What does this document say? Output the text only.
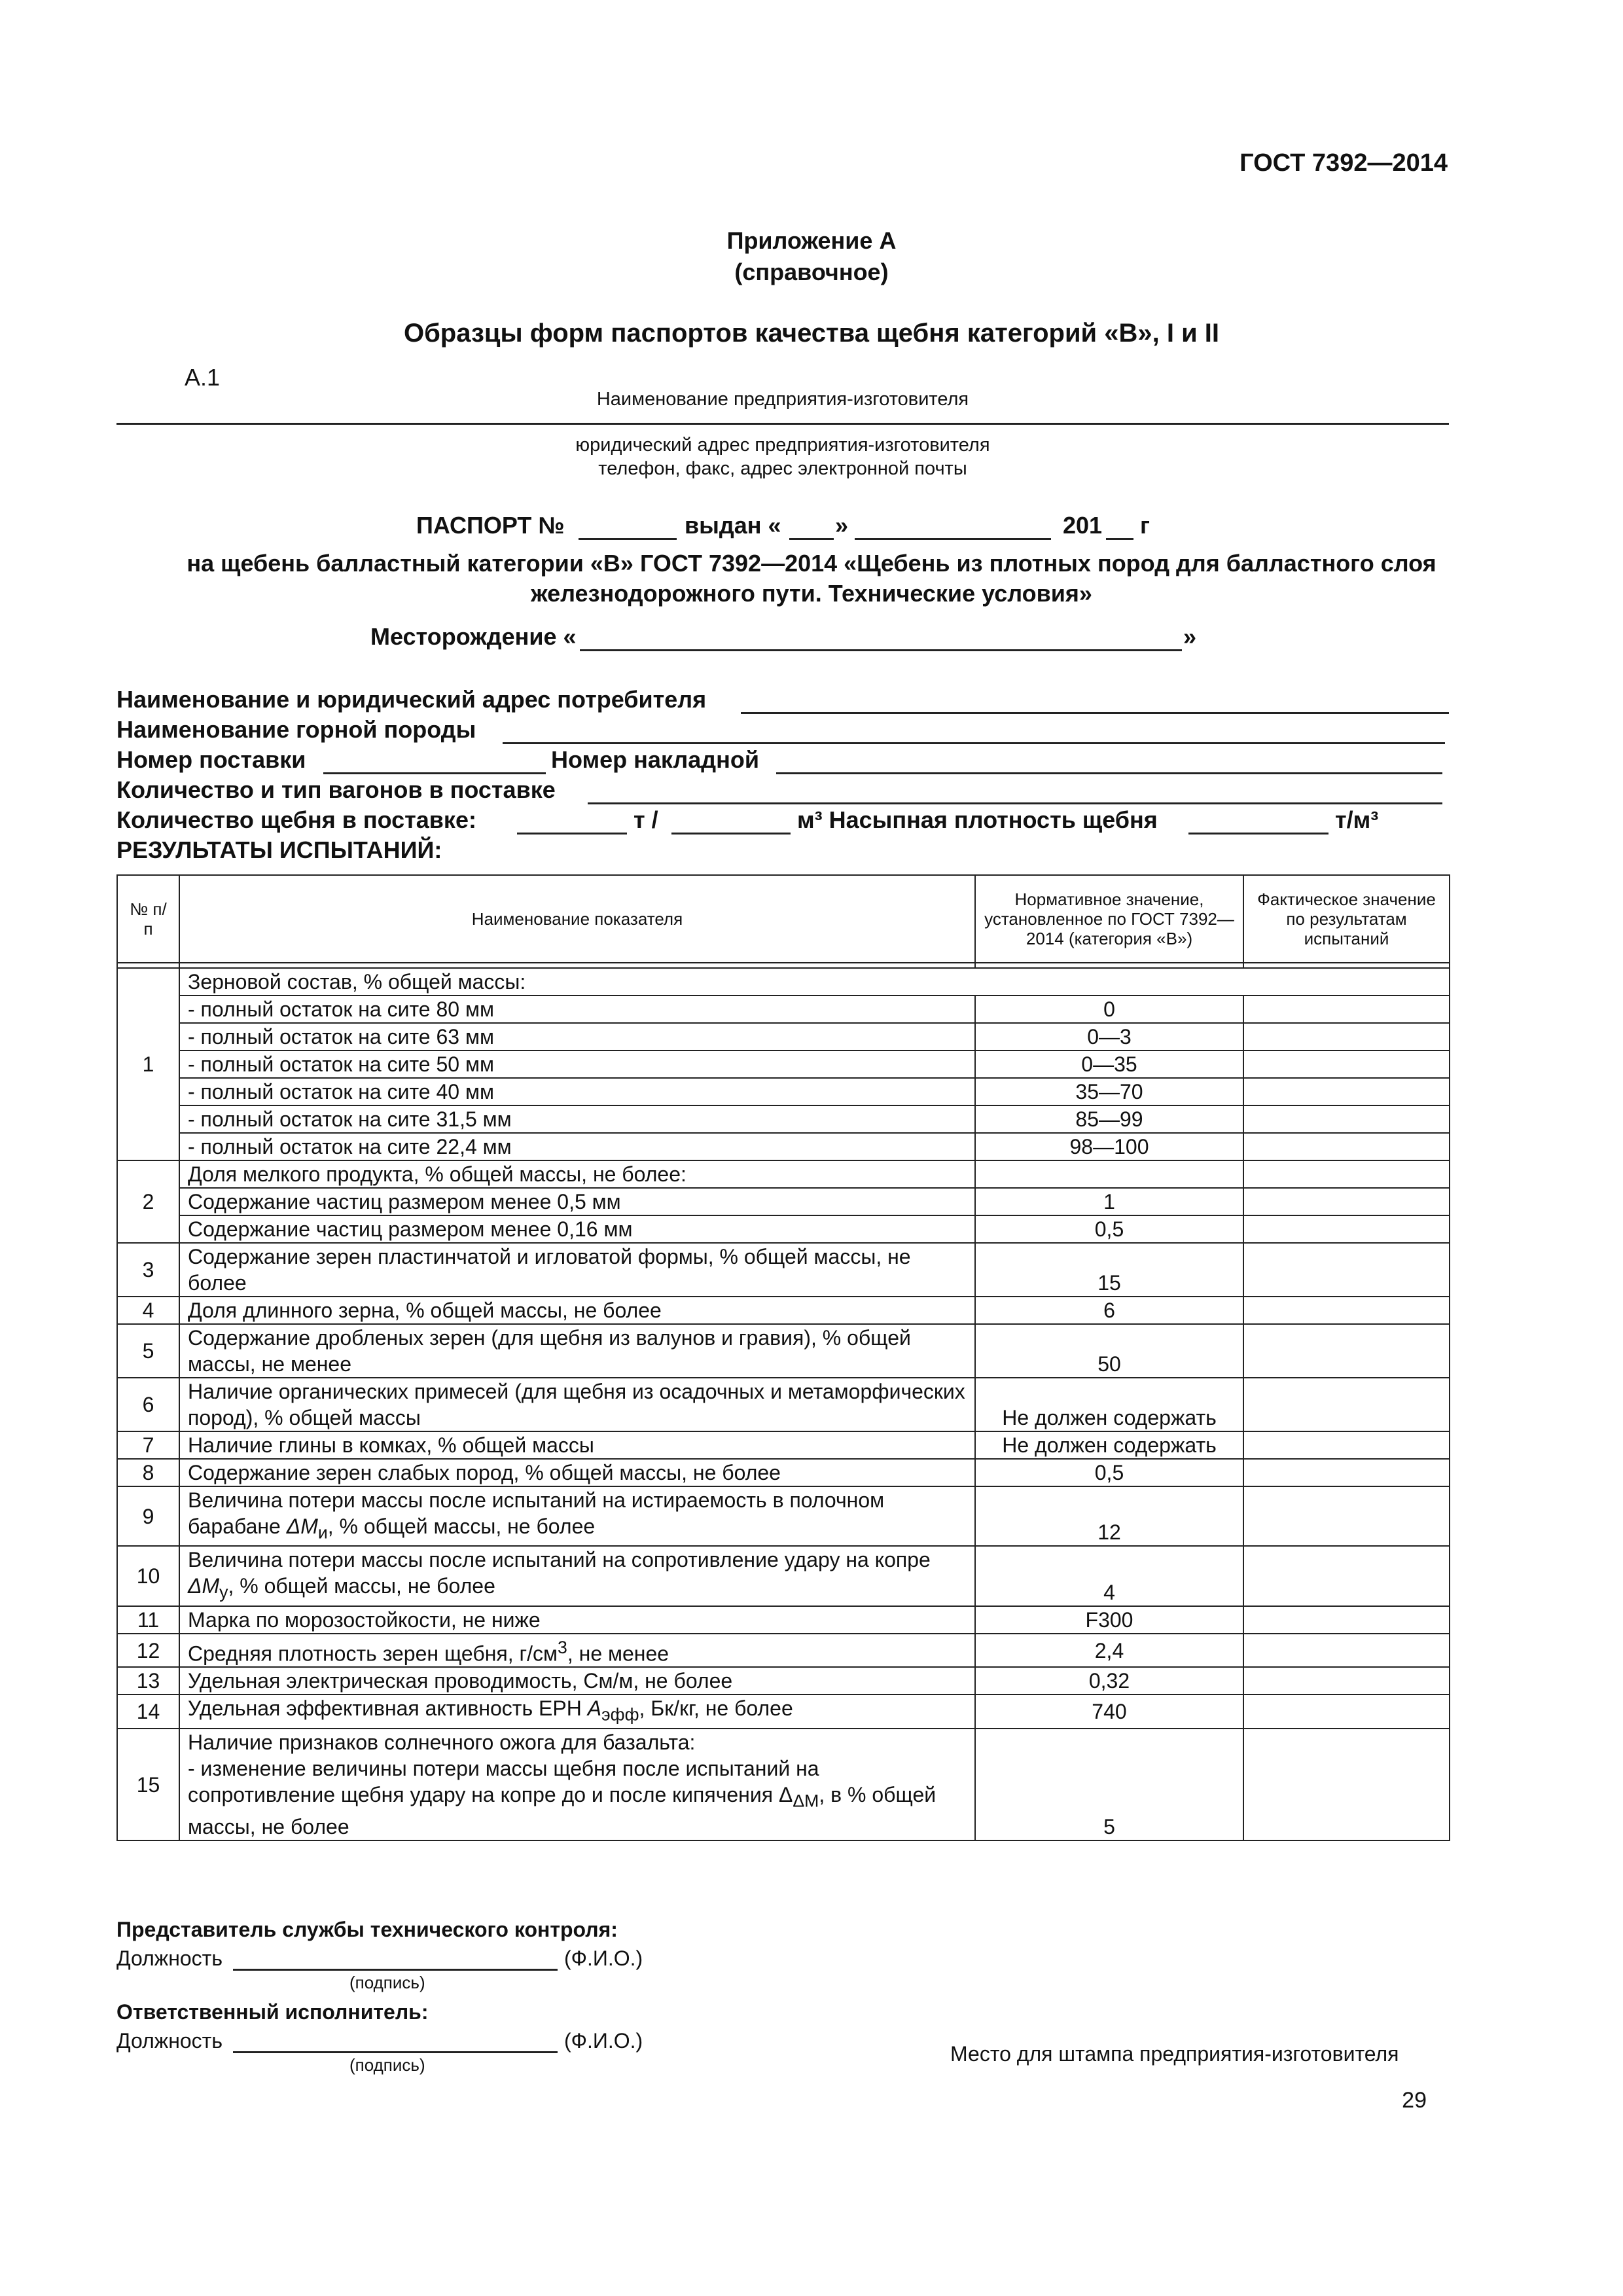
ГОСТ 7392—2014
Приложение А
(справочное)
Образцы форм паспортов качества щебня категорий «В», I и II
А.1
Наименование предприятия-изготовителя
юридический адрес предприятия-изготовителя
телефон, факс, адрес электронной почты
ПАСПОРТ №	выдан « »	201 г
на щебень балластный категории «В» ГОСТ 7392—2014 «Щебень из плотных пород для балластного слоя
железнодорожного пути. Технические условия»
Месторождение «	»
Наименование и юридический адрес потребителя
Наименование горной породы
Номер поставки	Номер накладной
Количество и тип вагонов в поставке
Количество щебня в поставке:	т /	м³ Насыпная плотность щебня	т/м³
РЕЗУЛЬТАТЫ ИСПЫТАНИЙ:
№ п/п	Наименование показателя	Нормативное значение, установленное по ГОСТ 7392—2014 (категория «В»)	Фактическое значение по результатам испытаний

1	Зерновой состав, % общей массы:		
	- полный остаток на сите 80 мм	0	
	- полный остаток на сите 63 мм	0—3	
	- полный остаток на сите 50 мм	0—35	
	- полный остаток на сите 40 мм	35—70	
	- полный остаток на сите 31,5 мм	85—99	
	- полный остаток на сите 22,4 мм	98—100	
2	Доля мелкого продукта, % общей массы, не более:		
	Содержание частиц размером менее 0,5 мм	1	
	Содержание частиц размером менее 0,16 мм	0,5	
3	Содержание зерен пластинчатой и игловатой формы, % общей массы, не более	15	
4	Доля длинного зерна, % общей массы, не более	6	
5	Содержание дробленых зерен (для щебня из валунов и гравия), % общей массы, не менее	50	
6	Наличие органических примесей (для щебня из осадочных и метаморфических пород), % общей массы	Не должен содержать	
7	Наличие глины в комках, % общей массы	Не должен содержать	
8	Содержание зерен слабых пород, % общей массы, не более	0,5	
9	Величина потери массы после испытаний на истираемость в полочном барабане $\Delta M_и$, % общей массы, не более	12	
10	Величина потери массы после испытаний на сопротивление удару на копре $\Delta M_у$, % общей массы, не более	4	
11	Марка по морозостойкости, не ниже	F300	
12	Средняя плотность зерен щебня, $г/см^3$, не менее	2,4	
13	Удельная электрическая проводимость, См/м, не более	0,32	
14	Удельная эффективная активность ЕРН $A_{эфф}$, Бк/кг, не более	740	
15	Наличие признаков солнечного ожога для базальта:
- изменение величины потери массы щебня после испытаний на сопротивление щебня удару на копре до и после кипячения $\Delta_{\Delta M}$, в % общей массы, не более	5	
Представитель службы технического контроля:
Должность	(Ф.И.О.)
(подпись)
Ответственный исполнитель:
Должность	(Ф.И.О.)
(подпись)	Место для штампа предприятия-изготовителя
29
